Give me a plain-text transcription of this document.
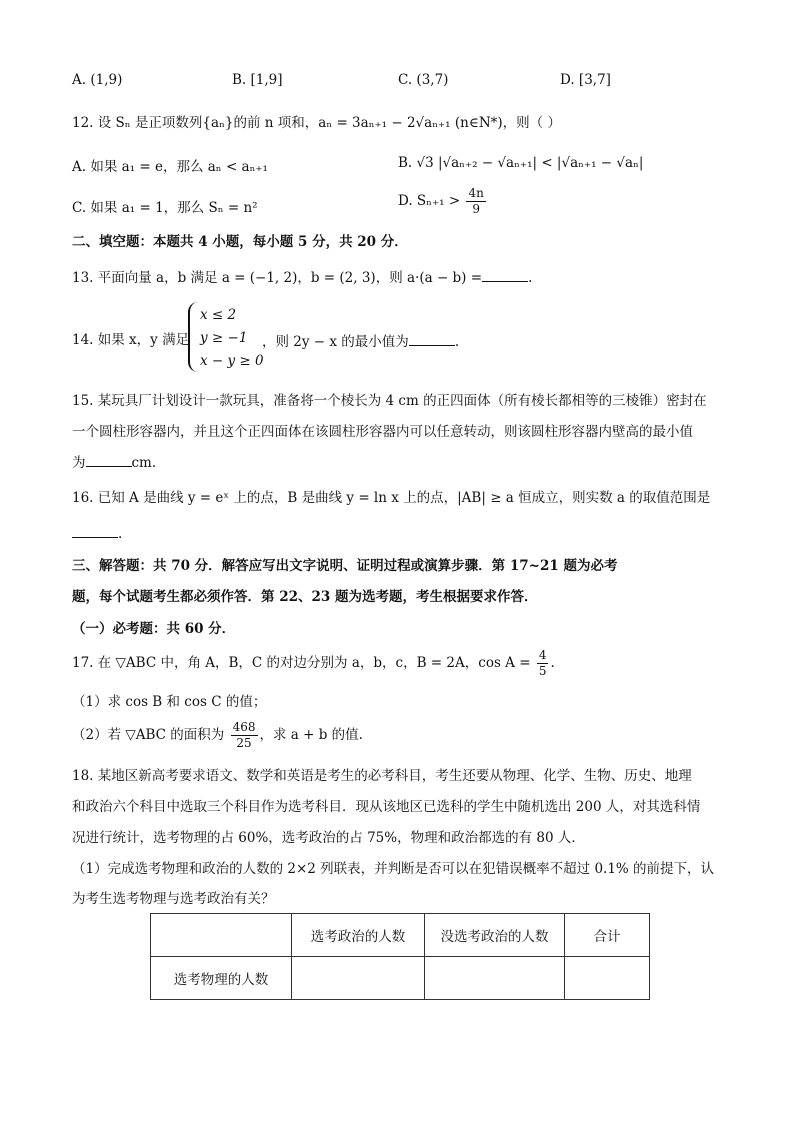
A. (1,9)	B. [1,9]	C. (3,7)	D. [3,7]
12. 设 Sₙ 是正项数列{aₙ}的前 n 项和，aₙ = 3aₙ₊₁ − 2√aₙ₊₁ (n∈N*)，则（ ）
A. 如果 a₁ = e，那么 aₙ < aₙ₊₁	B. √3 |√aₙ₊₂ − √aₙ₊₁| < |√aₙ₊₁ − √aₙ|
C. 如果 a₁ = 1，那么 Sₙ = n²	D. $S_{n+1} > \frac{4n}{9}$
二、填空题：本题共 4 小题，每小题 5 分，共 20 分．
13. 平面向量 a，b 满足 a = (−1, 2)，b = (2, 3)，则 a·(a − b) =	.
14. 如果 x，y 满足
x ≤ 2
y ≥ −1
x − y ≥ 0
，则 2y − x 的最小值为	.
15. 某玩具厂计划设计一款玩具，准备将一个棱长为 4 cm 的正四面体（所有棱长都相等的三棱锥）密封在
一个圆柱形容器内，并且这个正四面体在该圆柱形容器内可以任意转动，则该圆柱形容器内壁高的最小值
为	cm.
16. 已知 A 是曲线 y = eˣ 上的点，B 是曲线 y = ln x 上的点，|AB| ≥ a 恒成立，则实数 a 的取值范围是
.
三、解答题：共 70 分．解答应写出文字说明、证明过程或演算步骤．第 17~21 题为必考
题，每个试题考生都必须作答．第 22、23 题为选考题，考生根据要求作答．
（一）必考题：共 60 分．
17. 在 ▽ABC 中，角 A，B，C 的对边分别为 a，b，c，B = 2A，$\cos A = \frac{4}{5}$ .
（1）求 cos B 和 cos C 的值；
（2）若 ▽ABC 的面积为 $\frac{468}{25}$ ，求 a + b 的值.
18. 某地区新高考要求语文、数学和英语是考生的必考科目，考生还要从物理、化学、生物、历史、地理
和政治六个科目中选取三个科目作为选考科目．现从该地区已选科的学生中随机选出 200 人，对其选科情
况进行统计，选考物理的占 60%，选考政治的占 75%，物理和政治都选的有 80 人．
（1）完成选考物理和政治的人数的 2×2 列联表，并判断是否可以在犯错误概率不超过 0.1% 的前提下，认
为考生选考物理与选考政治有关？
	选考政治的人数	没选考政治的人数	合计
选考物理的人数			
